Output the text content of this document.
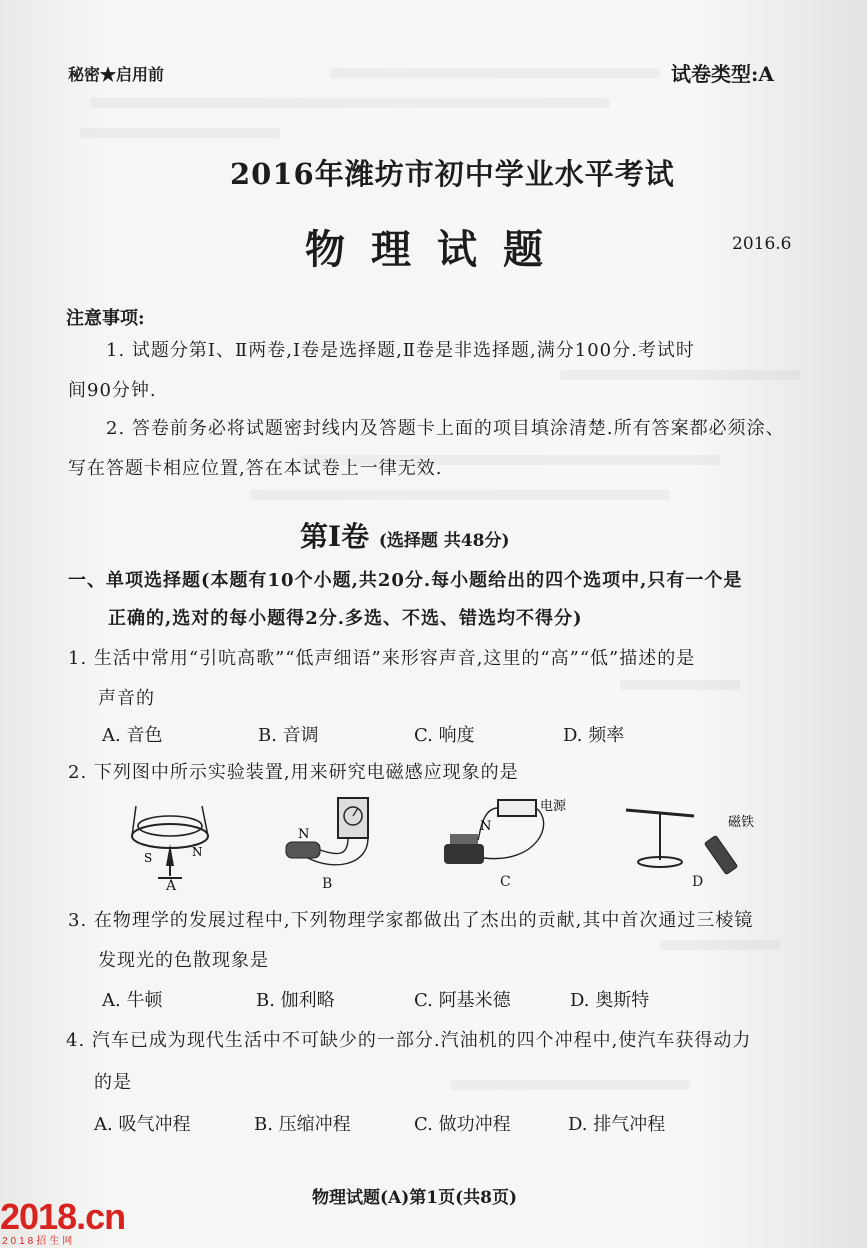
秘密★启用前	试卷类型:A
2016年潍坊市初中学业水平考试
物理试题	2016.6
注意事项:
1. 试题分第Ⅰ、Ⅱ两卷,Ⅰ卷是选择题,Ⅱ卷是非选择题,满分100分.考试时
间90分钟.
2. 答卷前务必将试题密封线内及答题卡上面的项目填涂清楚.所有答案都必须涂、
写在答题卡相应位置,答在本试卷上一律无效.
第Ⅰ卷 (选择题 共48分)
一、单项选择题(本题有10个小题,共20分.每小题给出的四个选项中,只有一个是
正确的,选对的每小题得2分.多选、不选、错选均不得分)
1. 生活中常用“引吭高歌”“低声细语”来形容声音,这里的“高”“低”描述的是
声音的
A. 音色	B. 音调	C. 响度	D. 频率
2. 下列图中所示实验装置,用来研究电磁感应现象的是
S	N
A
N
B
N
电源
C
磁铁
D
3. 在物理学的发展过程中,下列物理学家都做出了杰出的贡献,其中首次通过三棱镜
发现光的色散现象是
A. 牛顿	B. 伽利略	C. 阿基米德	D. 奥斯特
4. 汽车已成为现代生活中不可缺少的一部分.汽油机的四个冲程中,使汽车获得动力
的是
A. 吸气冲程	B. 压缩冲程	C. 做功冲程	D. 排气冲程
物理试题(A)第1页(共8页)
2018.cn
2018招生网
